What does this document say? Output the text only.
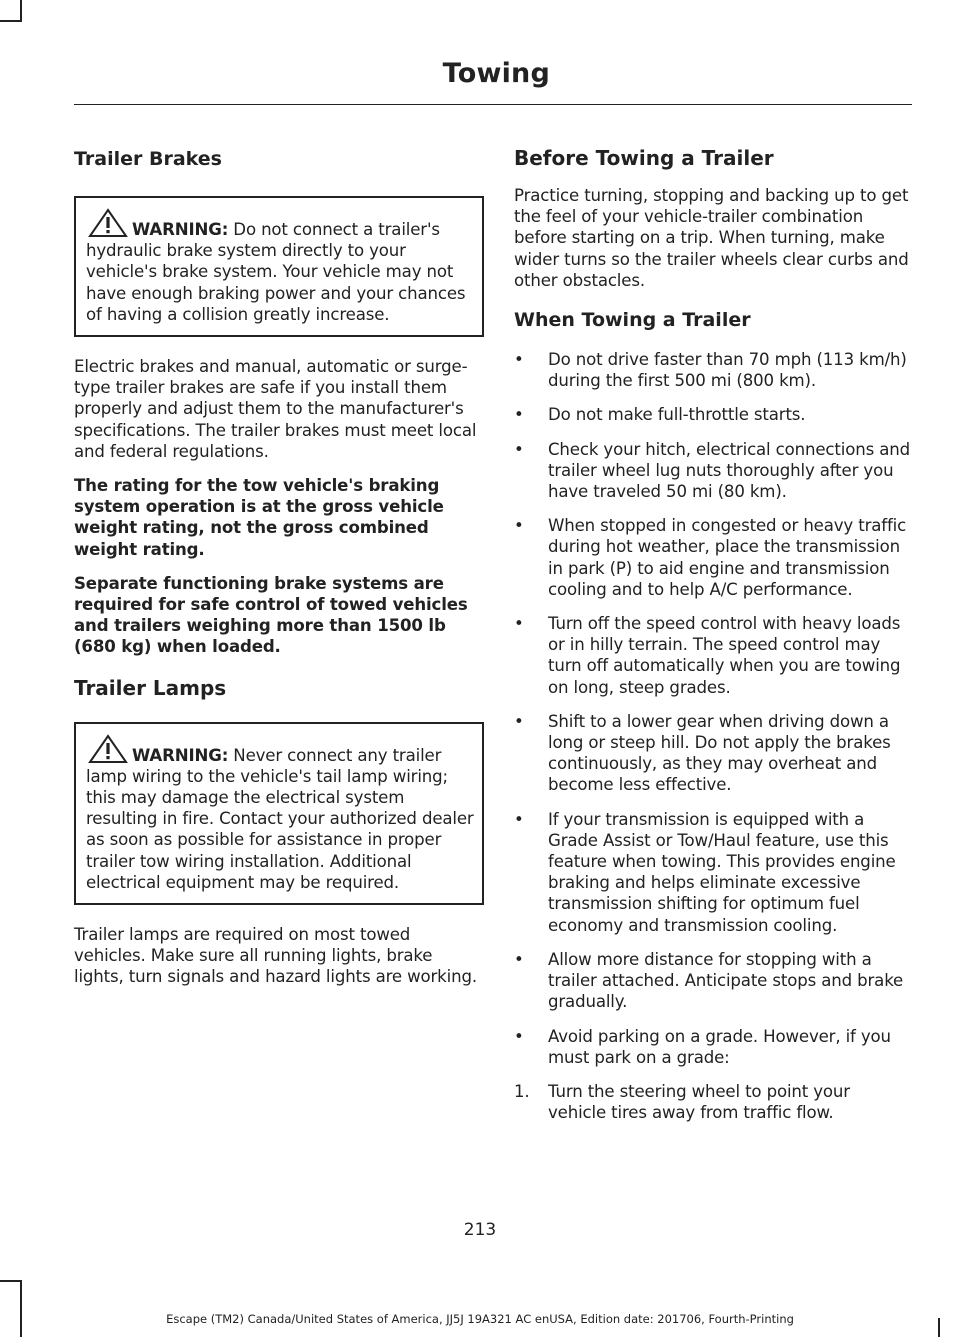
Towing
Trailer Brakes
WARNING: Do not connect a trailer's hydraulic brake system directly to your vehicle's brake system. Your vehicle may not have enough braking power and your chances of having a collision greatly increase.

Electric brakes and manual, automatic or surge-type trailer brakes are safe if you install them properly and adjust them to the manufacturer's specifications. The trailer brakes must meet local and federal regulations.

The rating for the tow vehicle's braking system operation is at the gross vehicle weight rating, not the gross combined weight rating.

Separate functioning brake systems are required for safe control of towed vehicles and trailers weighing more than 1500 lb (680 kg) when loaded.

Trailer Lamps
WARNING: Never connect any trailer lamp wiring to the vehicle's tail lamp wiring; this may damage the electrical system resulting in fire. Contact your authorized dealer as soon as possible for assistance in proper trailer tow wiring installation. Additional electrical equipment may be required.

Trailer lamps are required on most towed vehicles. Make sure all running lights, brake lights, turn signals and hazard lights are working.

Before Towing a Trailer

Practice turning, stopping and backing up to get the feel of your vehicle-trailer combination before starting on a trip. When turning, make wider turns so the trailer wheels clear curbs and other obstacles.

When Towing a Trailer
• Do not drive faster than 70 mph (113 km/h) during the first 500 mi (800 km).
• Do not make full-throttle starts.
• Check your hitch, electrical connections and trailer wheel lug nuts thoroughly after you have traveled 50 mi (80 km).
• When stopped in congested or heavy traffic during hot weather, place the transmission in park (P) to aid engine and transmission cooling and to help A/C performance.
• Turn off the speed control with heavy loads or in hilly terrain. The speed control may turn off automatically when you are towing on long, steep grades.
• Shift to a lower gear when driving down a long or steep hill. Do not apply the brakes continuously, as they may overheat and become less effective.
• If your transmission is equipped with a Grade Assist or Tow/Haul feature, use this feature when towing. This provides engine braking and helps eliminate excessive transmission shifting for optimum fuel economy and transmission cooling.
• Allow more distance for stopping with a trailer attached. Anticipate stops and brake gradually.
• Avoid parking on a grade. However, if you must park on a grade:
1. Turn the steering wheel to point your vehicle tires away from traffic flow.
213
Escape (TM2) Canada/United States of America, JJ5J 19A321 AC enUSA, Edition date: 201706, Fourth-Printing
